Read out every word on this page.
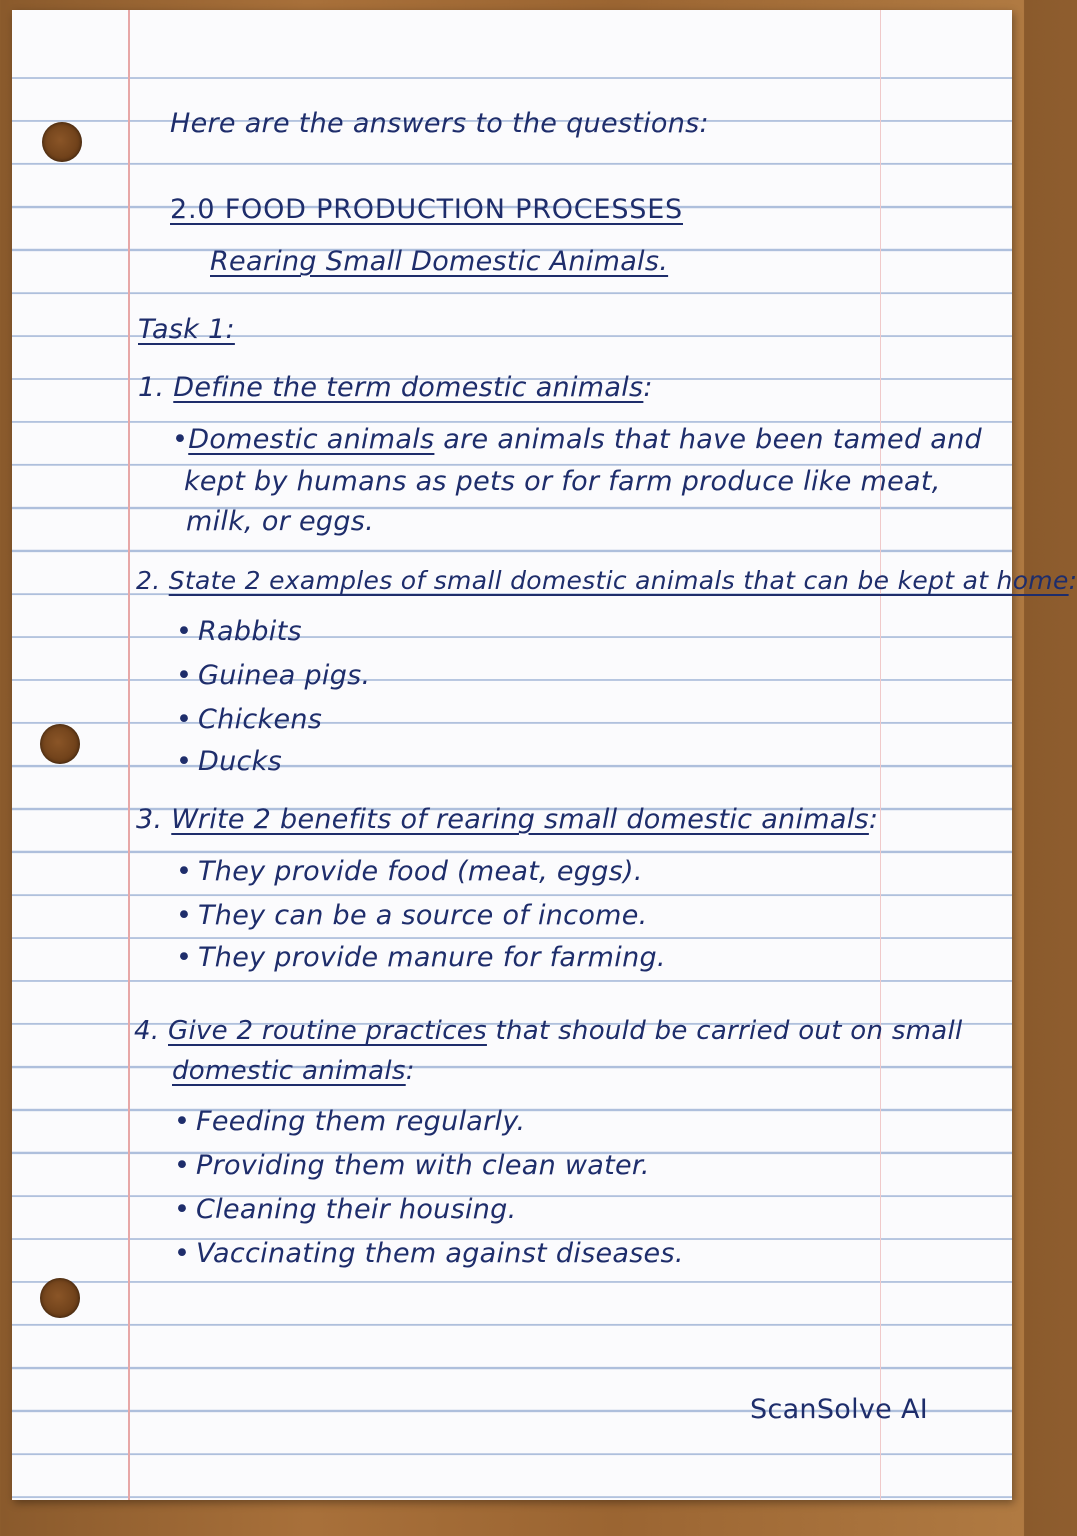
Here are the answers to the questions:
2.0 FOOD PRODUCTION PROCESSES
Rearing Small Domestic Animals.
Task 1:
1. Define the term domestic animals:
•Domestic animals are animals that have been tamed and
kept by humans as pets or for farm produce like meat,
milk, or eggs.
2. State 2 examples of small domestic animals that can be kept at home:
• Rabbits
• Guinea pigs.
• Chickens
• Ducks
3. Write 2 benefits of rearing small domestic animals:
• They provide food (meat, eggs).
• They can be a source of income.
• They provide manure for farming.
4. Give 2 routine practices that should be carried out on small
domestic animals:
• Feeding them regularly.
• Providing them with clean water.
• Cleaning their housing.
• Vaccinating them against diseases.
ScanSolve AI
